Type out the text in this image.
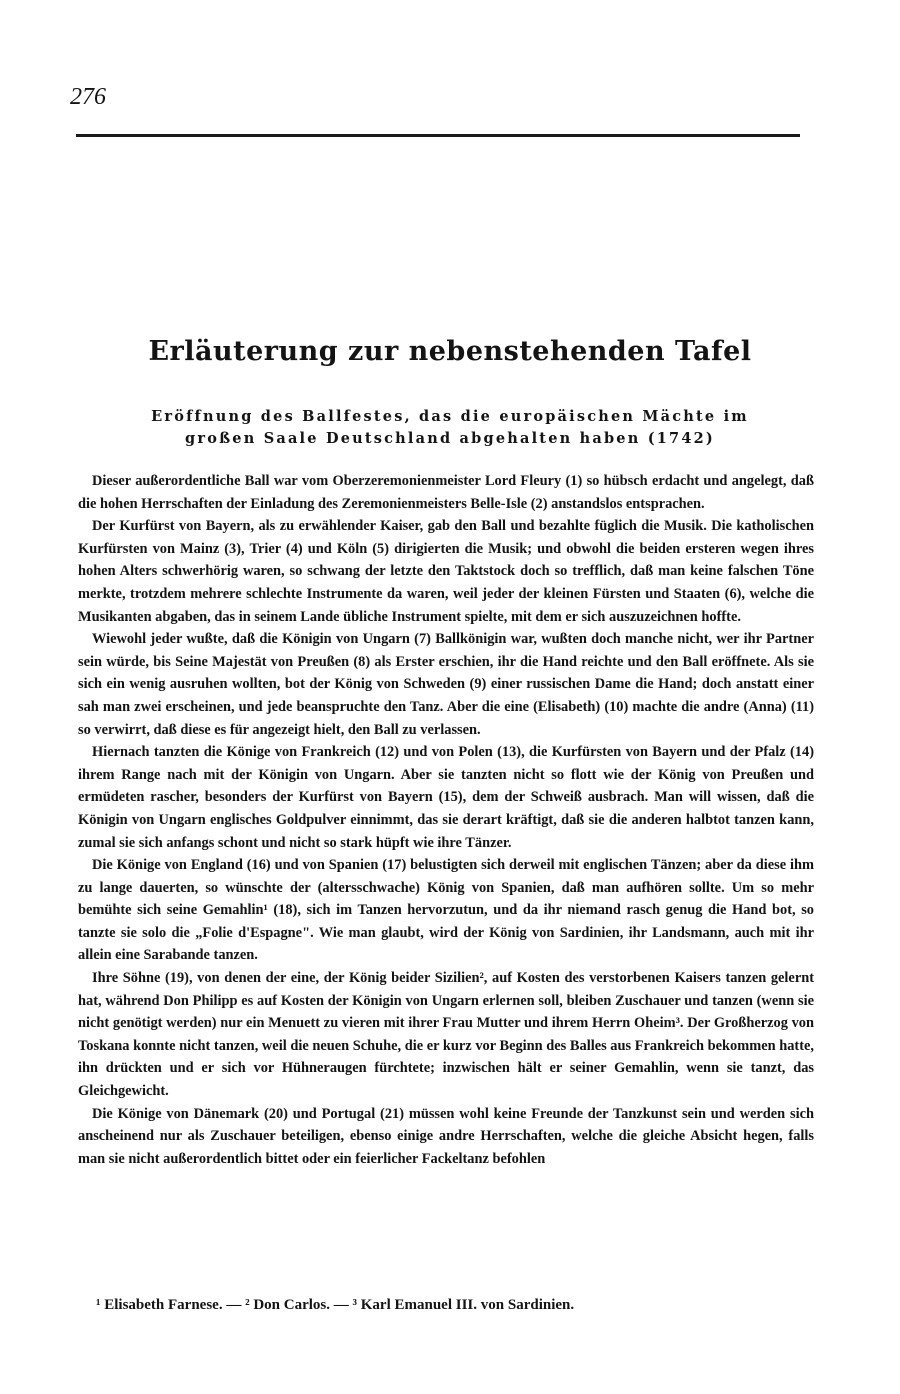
276
Erläuterung zur nebenstehenden Tafel
Eröffnung des Ballfestes, das die europäischen Mächte im
großen Saale Deutschland abgehalten haben (1742)

Dieser außerordentliche Ball war vom Oberzeremonienmeister Lord Fleury (1) so hübsch erdacht und angelegt, daß die hohen Herrschaften der Einladung des Zeremonienmeisters Belle-Isle (2) anstandslos entsprachen.

Der Kurfürst von Bayern, als zu erwählender Kaiser, gab den Ball und bezahlte füglich die Musik. Die katholischen Kurfürsten von Mainz (3), Trier (4) und Köln (5) dirigierten die Musik; und obwohl die beiden ersteren wegen ihres hohen Alters schwerhörig waren, so schwang der letzte den Taktstock doch so trefflich, daß man keine falschen Töne merkte, trotzdem mehrere schlechte Instrumente da waren, weil jeder der kleinen Fürsten und Staaten (6), welche die Musikanten abgaben, das in seinem Lande übliche Instrument spielte, mit dem er sich auszuzeichnen hoffte.

Wiewohl jeder wußte, daß die Königin von Ungarn (7) Ballkönigin war, wußten doch manche nicht, wer ihr Partner sein würde, bis Seine Majestät von Preußen (8) als Erster erschien, ihr die Hand reichte und den Ball eröffnete. Als sie sich ein wenig ausruhen wollten, bot der König von Schweden (9) einer russischen Dame die Hand; doch anstatt einer sah man zwei erscheinen, und jede beanspruchte den Tanz. Aber die eine (Elisabeth) (10) machte die andre (Anna) (11) so verwirrt, daß diese es für angezeigt hielt, den Ball zu verlassen.

Hiernach tanzten die Könige von Frankreich (12) und von Polen (13), die Kurfürsten von Bayern und der Pfalz (14) ihrem Range nach mit der Königin von Ungarn. Aber sie tanzten nicht so flott wie der König von Preußen und ermüdeten rascher, besonders der Kurfürst von Bayern (15), dem der Schweiß ausbrach. Man will wissen, daß die Königin von Ungarn englisches Goldpulver einnimmt, das sie derart kräftigt, daß sie die anderen halbtot tanzen kann, zumal sie sich anfangs schont und nicht so stark hüpft wie ihre Tänzer.

Die Könige von England (16) und von Spanien (17) belustigten sich derweil mit englischen Tänzen; aber da diese ihm zu lange dauerten, so wünschte der (altersschwache) König von Spanien, daß man aufhören sollte. Um so mehr bemühte sich seine Gemahlin¹ (18), sich im Tanzen hervorzutun, und da ihr niemand rasch genug die Hand bot, so tanzte sie solo die „Folie d'Espagne". Wie man glaubt, wird der König von Sardinien, ihr Landsmann, auch mit ihr allein eine Sarabande tanzen.

Ihre Söhne (19), von denen der eine, der König beider Sizilien², auf Kosten des verstorbenen Kaisers tanzen gelernt hat, während Don Philipp es auf Kosten der Königin von Ungarn erlernen soll, bleiben Zuschauer und tanzen (wenn sie nicht genötigt werden) nur ein Menuett zu vieren mit ihrer Frau Mutter und ihrem Herrn Oheim³. Der Großherzog von Toskana konnte nicht tanzen, weil die neuen Schuhe, die er kurz vor Beginn des Balles aus Frankreich bekommen hatte, ihn drückten und er sich vor Hühneraugen fürchtete; inzwischen hält er seiner Gemahlin, wenn sie tanzt, das Gleichgewicht.

Die Könige von Dänemark (20) und Portugal (21) müssen wohl keine Freunde der Tanzkunst sein und werden sich anscheinend nur als Zuschauer beteiligen, ebenso einige andre Herrschaften, welche die gleiche Absicht hegen, falls man sie nicht außerordentlich bittet oder ein feierlicher Fackeltanz befohlen

¹ Elisabeth Farnese. — ² Don Carlos. — ³ Karl Emanuel III. von Sardinien.
